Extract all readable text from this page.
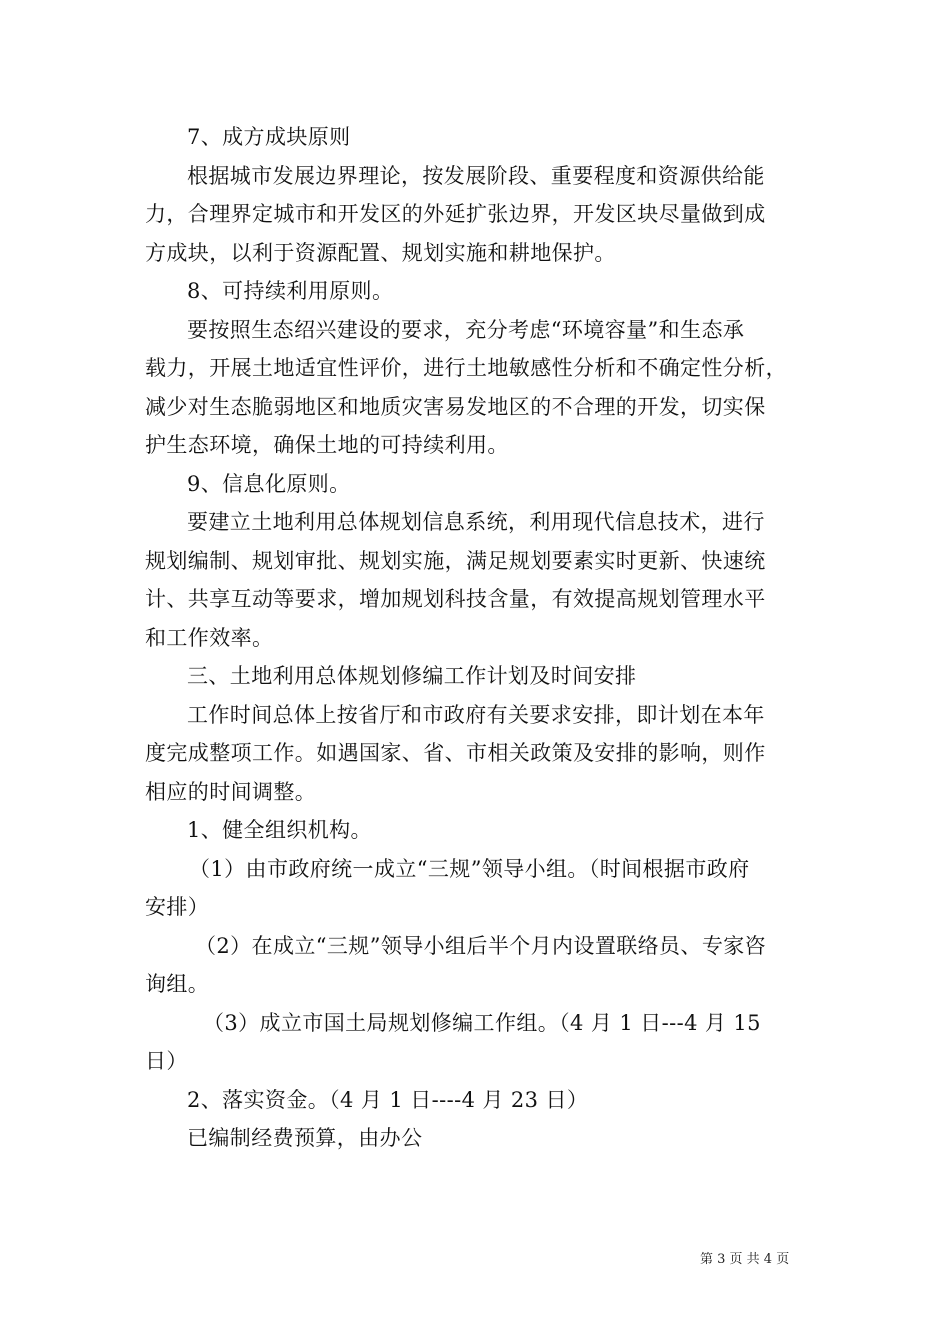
7、成方成块原则
根据城市发展边界理论，按发展阶段、重要程度和资源供给能
力，合理界定城市和开发区的外延扩张边界，开发区块尽量做到成
方成块，以利于资源配置、规划实施和耕地保护。
8、可持续利用原则。
要按照生态绍兴建设的要求，充分考虑“环境容量”和生态承
载力，开展土地适宜性评价，进行土地敏感性分析和不确定性分析，
减少对生态脆弱地区和地质灾害易发地区的不合理的开发，切实保
护生态环境，确保土地的可持续利用。
9、信息化原则。
要建立土地利用总体规划信息系统，利用现代信息技术，进行
规划编制、规划审批、规划实施，满足规划要素实时更新、快速统
计、共享互动等要求，增加规划科技含量，有效提高规划管理水平
和工作效率。
三、土地利用总体规划修编工作计划及时间安排
工作时间总体上按省厅和市政府有关要求安排，即计划在本年
度完成整项工作。如遇国家、省、市相关政策及安排的影响，则作
相应的时间调整。
1、健全组织机构。
（1）由市政府统一成立“三规”领导小组。（时间根据市政府
安排）
（2）在成立“三规”领导小组后半个月内设置联络员、专家咨
询组。
（3）成立市国土局规划修编工作组。（4 月 1 日---4 月 15
日）
2、落实资金。（4 月 1 日----4 月 23 日）
已编制经费预算，由办公
第 3 页 共 4 页
